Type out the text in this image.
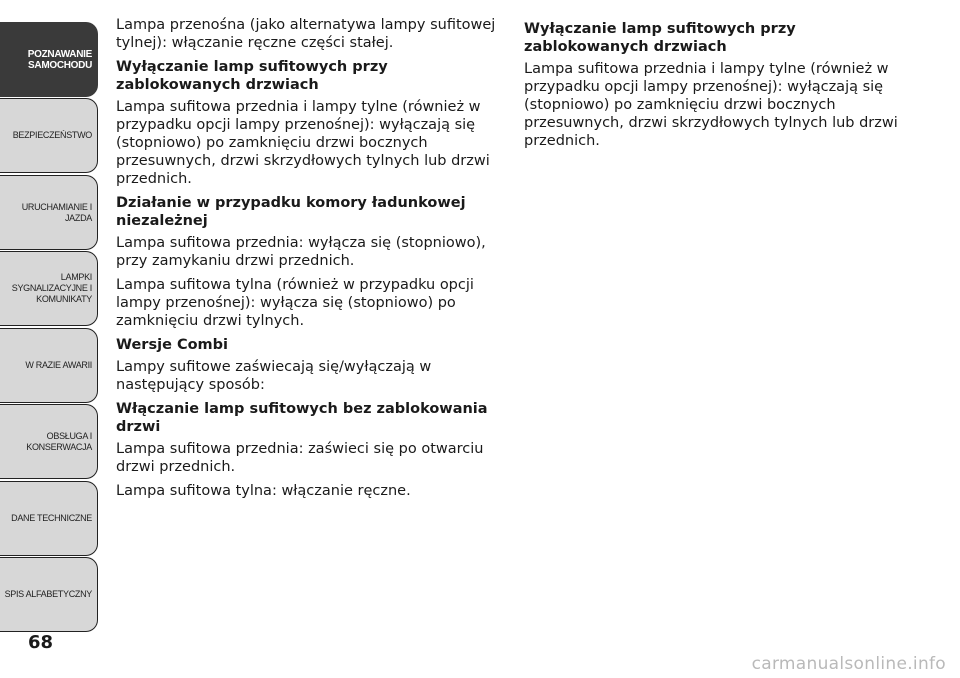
POZNAWANIE
SAMOCHODU
BEZPIECZEŃSTWO
URUCHAMIANIE I
JAZDA
LAMPKI
SYGNALIZACYJNE I
KOMUNIKATY
W RAZIE AWARII
OBSŁUGA I
KONSERWACJA
DANE TECHNICZNE
SPIS ALFABETYCZNY
68

Lampa przenośna (jako alternatywa lampy sufitowej tylnej): włączanie ręczne części stałej.

Wyłączanie lamp sufitowych przy zablokowanych drzwiach

Lampa sufitowa przednia i lampy tylne (również w przypadku opcji lampy przenośnej): wyłączają się (stopniowo) po zamknięciu drzwi bocznych przesuwnych, drzwi skrzydłowych tylnych lub drzwi przednich.

Działanie w przypadku komory ładunkowej niezależnej

Lampa sufitowa przednia: wyłącza się (stopniowo), przy zamykaniu drzwi przednich.

Lampa sufitowa tylna (również w przypadku opcji lampy przenośnej): wyłącza się (stopniowo) po zamknięciu drzwi tylnych.

Wersje Combi

Lampy sufitowe zaświecają się/wyłączają w następujący sposób:

Włączanie lamp sufitowych bez zablokowania drzwi

Lampa sufitowa przednia: zaświeci się po otwarciu drzwi przednich.

Lampa sufitowa tylna: włączanie ręczne.

Wyłączanie lamp sufitowych przy zablokowanych drzwiach

Lampa sufitowa przednia i lampy tylne (również w przypadku opcji lampy przenośnej): wyłączają się (stopniowo) po zamknięciu drzwi bocznych przesuwnych, drzwi skrzydłowych tylnych lub drzwi przednich.

carmanualsonline.info
